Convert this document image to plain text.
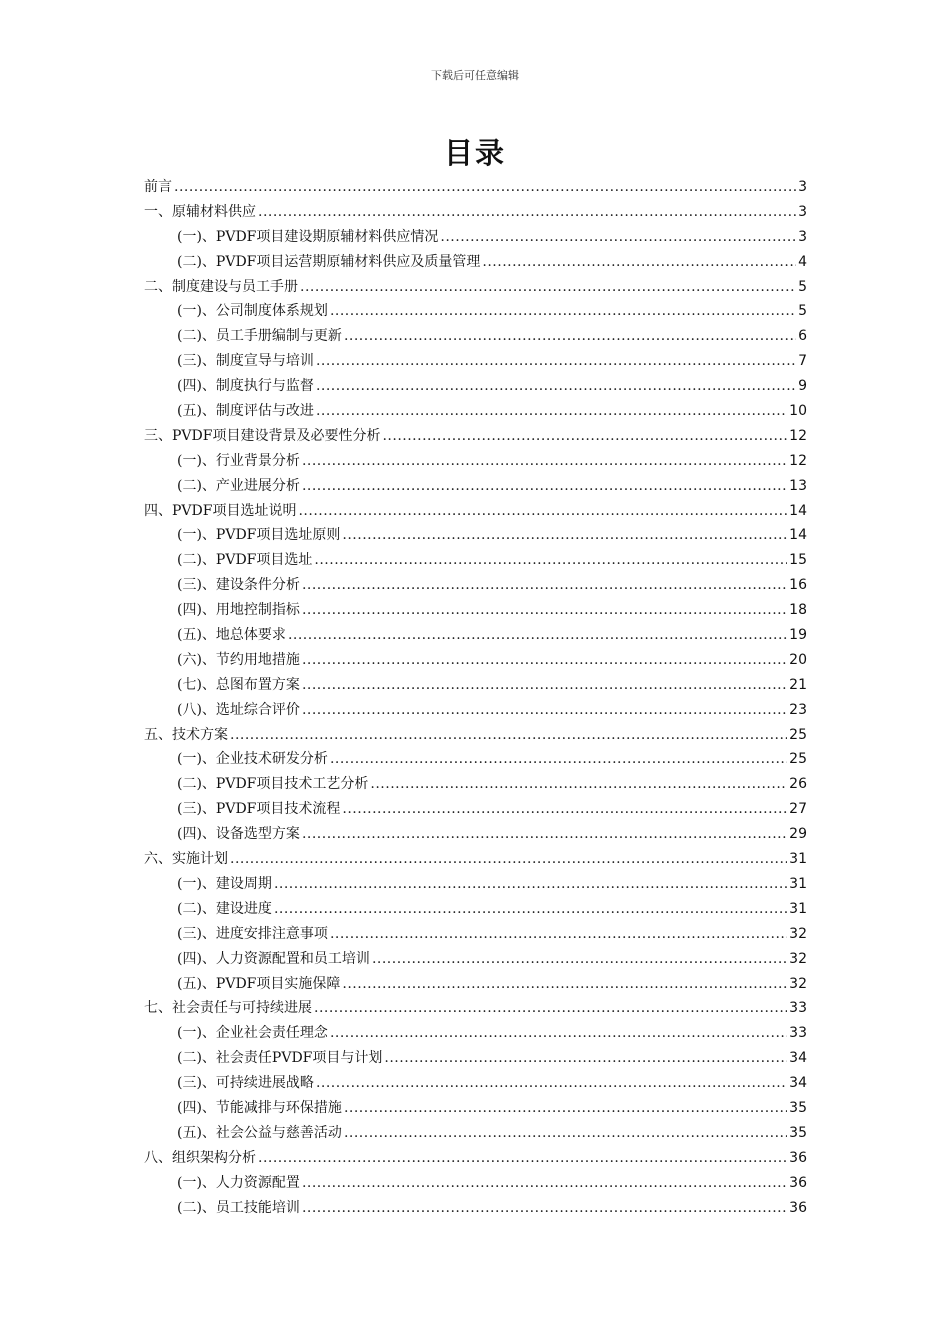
下载后可任意编辑
目录
前言 .....	3
一、原辅材料供应 .....	3
(一)、PVDF项目建设期原辅材料供应情况 .....	3
(二)、PVDF项目运营期原辅材料供应及质量管理 .....	4
二、制度建设与员工手册 .....	5
(一)、公司制度体系规划 .....	5
(二)、员工手册编制与更新 .....	6
(三)、制度宣导与培训 .....	7
(四)、制度执行与监督 .....	9
(五)、制度评估与改进 .....	10
三、PVDF项目建设背景及必要性分析 .....	12
(一)、行业背景分析 .....	12
(二)、产业进展分析 .....	13
四、PVDF项目选址说明 .....	14
(一)、PVDF项目选址原则 .....	14
(二)、PVDF项目选址 .....	15
(三)、建设条件分析 .....	16
(四)、用地控制指标 .....	18
(五)、地总体要求 .....	19
(六)、节约用地措施 .....	20
(七)、总图布置方案 .....	21
(八)、选址综合评价 .....	23
五、技术方案 .....	25
(一)、企业技术研发分析 .....	25
(二)、PVDF项目技术工艺分析 .....	26
(三)、PVDF项目技术流程 .....	27
(四)、设备选型方案 .....	29
六、实施计划 .....	31
(一)、建设周期 .....	31
(二)、建设进度 .....	31
(三)、进度安排注意事项 .....	32
(四)、人力资源配置和员工培训 .....	32
(五)、PVDF项目实施保障 .....	32
七、社会责任与可持续进展 .....	33
(一)、企业社会责任理念 .....	33
(二)、社会责任PVDF项目与计划 .....	34
(三)、可持续进展战略 .....	34
(四)、节能减排与环保措施 .....	35
(五)、社会公益与慈善活动 .....	35
八、组织架构分析 .....	36
(一)、人力资源配置 .....	36
(二)、员工技能培训 .....	36
